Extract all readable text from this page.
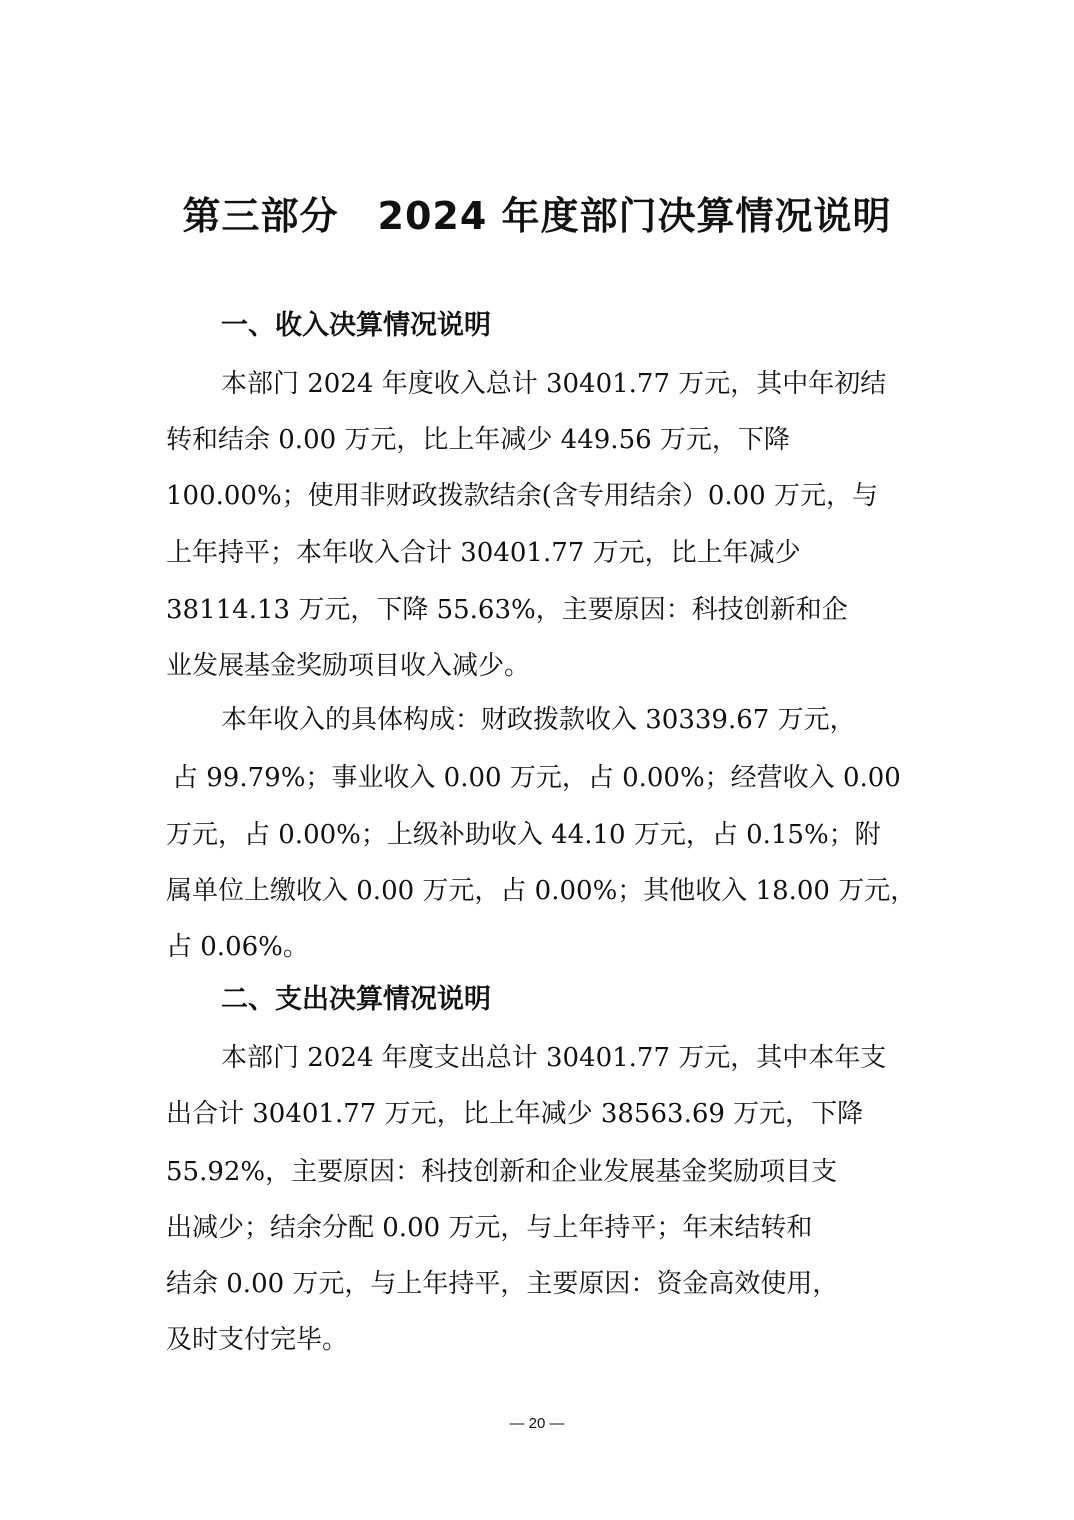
第三部分　2024 年度部门决算情况说明
一、收入决算情况说明

本部门 2024 年度收入总计 30401.77 万元，其中年初结

转和结余 0.00 万元，比上年减少 449.56 万元，下降

100.00%；使用非财政拨款结余(含专用结余）0.00 万元，与

上年持平；本年收入合计 30401.77 万元，比上年减少

38114.13 万元，下降 55.63%，主要原因：科技创新和企

业发展基金奖励项目收入减少。

本年收入的具体构成：财政拨款收入 30339.67 万元，

占 99.79%；事业收入 0.00 万元，占 0.00%；经营收入 0.00

万元，占 0.00%；上级补助收入 44.10 万元，占 0.15%；附

属单位上缴收入 0.00 万元，占 0.00%；其他收入 18.00 万元，

占 0.06%。

二、支出决算情况说明

本部门 2024 年度支出总计 30401.77 万元，其中本年支

出合计 30401.77 万元，比上年减少 38563.69 万元，下降

55.92%，主要原因：科技创新和企业发展基金奖励项目支

出减少；结余分配 0.00 万元，与上年持平；年末结转和

结余 0.00 万元，与上年持平，主要原因：资金高效使用，

及时支付完毕。

— 20 —
